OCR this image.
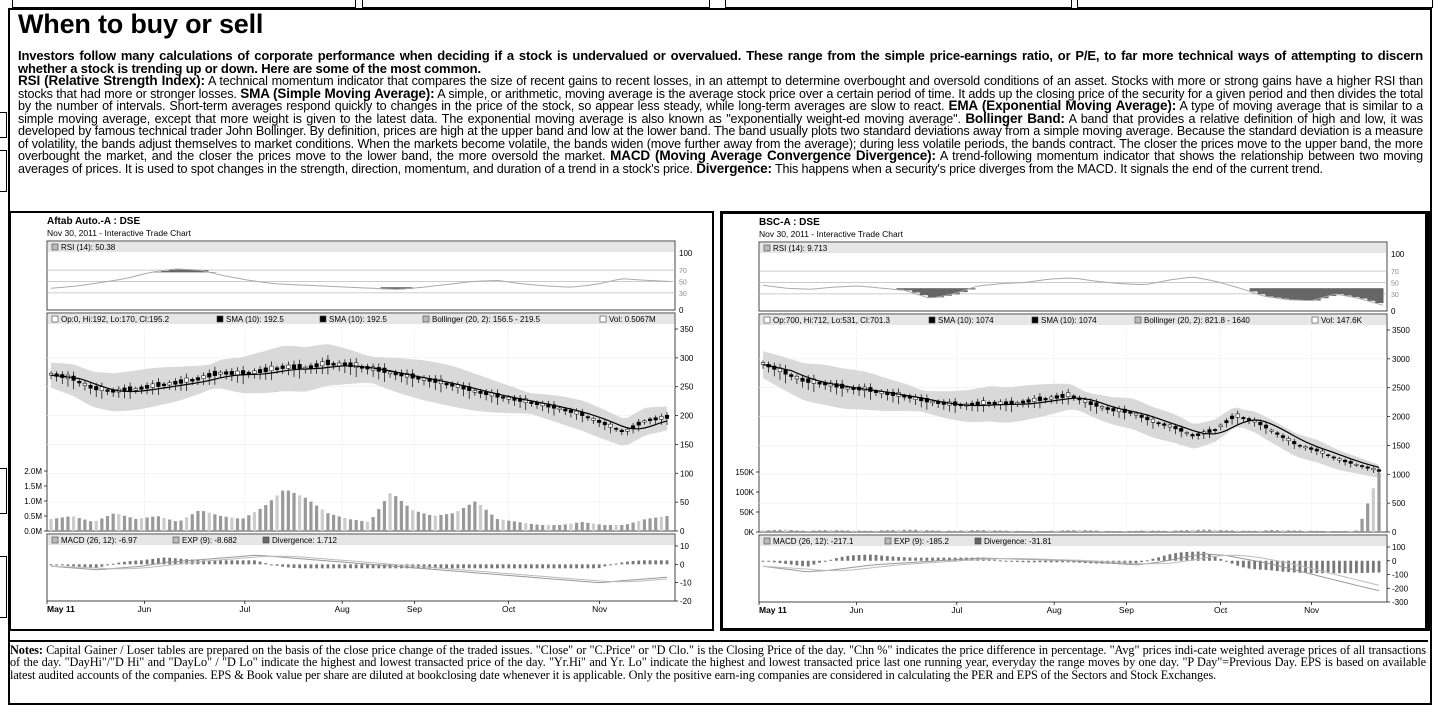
When to buy or sell
Investors follow many calculations of corporate performance when deciding if a stock is undervalued or overvalued. These range from the simple price-earnings ratio, or P/E, to far more technical ways of attempting to discern whether a stock is trending up or down. Here are some of the most common.
RSI (Relative Strength Index): A technical momentum indicator that compares the size of recent gains to recent losses, in an attempt to determine overbought and oversold conditions of an asset. Stocks with more or strong gains have a higher RSI than stocks that had more or stronger losses. SMA (Simple Moving Average): A simple, or arithmetic, moving average is the average stock price over a certain period of time. It adds up the closing price of the security for a given period and then divides the total by the number of intervals. Short-term averages respond quickly to changes in the price of the stock, so appear less steady, while long-term averages are slow to react. EMA (Exponential Moving Average): A type of moving average that is similar to a simple moving average, except that more weight is given to the latest data. The exponential moving average is also known as "exponentially weight-ed moving average". Bollinger Band: A band that provides a relative definition of high and low, it was developed by famous technical trader John Bollinger. By definition, prices are high at the upper band and low at the lower band. The band usually plots two standard deviations away from a simple moving average. Because the standard deviation is a measure of volatility, the bands adjust themselves to market conditions. When the markets become volatile, the bands widen (move further away from the average); during less volatile periods, the bands contract. The closer the prices move to the upper band, the more overbought the market, and the closer the prices move to the lower band, the more oversold the market. MACD (Moving Average Convergence Divergence): A trend-following momentum indicator that shows the relationship between two moving averages of prices. It is used to spot changes in the strength, direction, momentum, and duration of a trend in a stock's price. Divergence: This happens when a security's price diverges from the MACD. It signals the end of the current trend.
Aftab Auto.-A : DSE
Nov 30, 2011 - Interactive Trade Chart
RSI (14): 50.38
100
70
50
30
0
Op:0, Hi:192, Lo:170, Cl:195.2	SMA (10): 192.5	SMA (10): 192.5	Bollinger (20, 2): 156.5 - 219.5	Vol: 0.5067M
350
300
250
200
150
100
50
0
2.0M
1.5M
1.0M
0.5M
0.0M
MACD (26, 12): -6.97	EXP (9): -8.682	Divergence: 1.712
10
0
-10
-20
May 11	Jun	Jul	Aug	Sep	Oct	Nov
BSC-A : DSE
Nov 30, 2011 - Interactive Trade Chart
RSI (14): 9.713
100
70
50
30
0
Op:700, Hi:712, Lo:531, Cl:701.3	SMA (10): 1074	SMA (10): 1074	Bollinger (20, 2): 821.8 - 1640	Vol: 147.6K
3500
3000
2500
2000
1500
1000
500
0
150K
100K
50K
0K
MACD (26, 12): -217.1	EXP (9): -185.2	Divergence: -31.81
100
0
-100
-200
-300
May 11	Jun	Jul	Aug	Sep	Oct	Nov
Notes: Capital Gainer / Loser tables are prepared on the basis of the close price change of the traded issues. "Close" or "C.Price" or "D Clo." is the Closing Price of the day. "Chn %" indicates the price difference in percentage. "Avg" prices indi-cate weighted average prices of all transactions of the day. "DayHi"/"D Hi" and "DayLo" / "D Lo" indicate the highest and lowest transacted price of the day. "Yr.Hi" and Yr. Lo" indicate the highest and lowest transacted price last one running year, everyday the range moves by one day. "P Day"=Previous Day. EPS is based on available latest audited accounts of the companies. EPS & Book value per share are diluted at bookclosing date whenever it is applicable. Only the positive earn-ing companies are considered in calculating the PER and EPS of the Sectors and Stock Exchanges.
